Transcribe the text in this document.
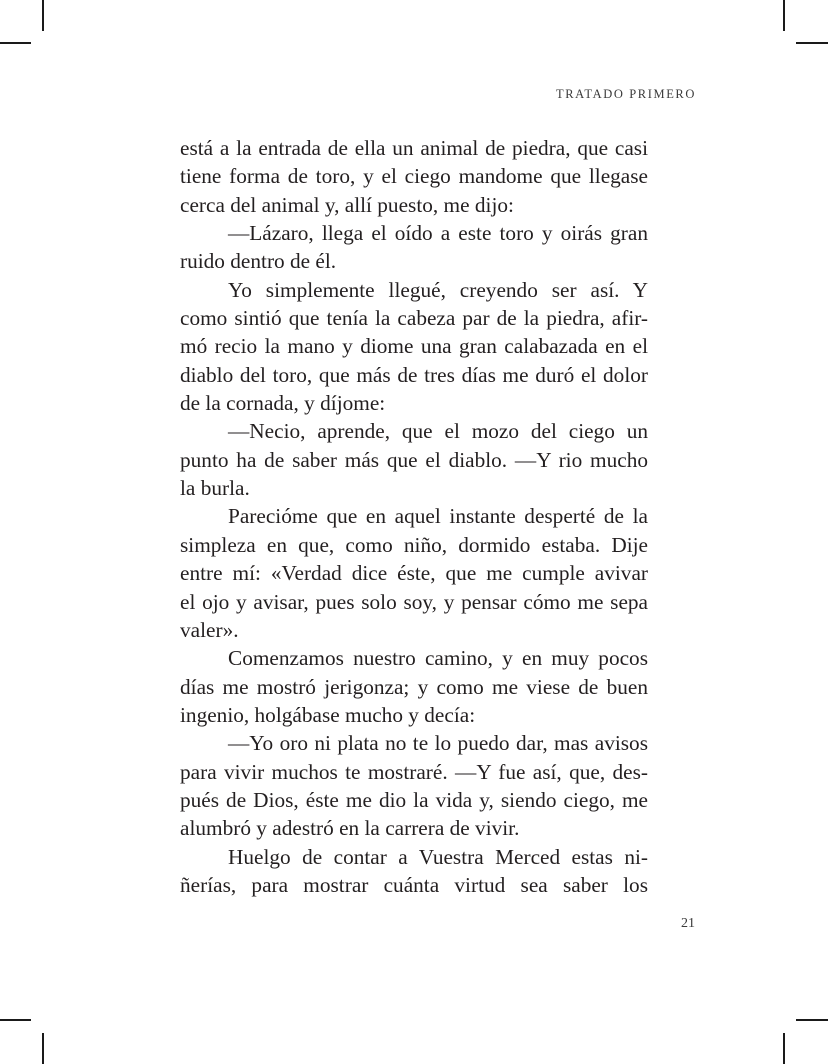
TRATADO PRIMERO
está a la entrada de ella un animal de piedra, que casi
tiene forma de toro, y el ciego mandome que llegase
cerca del animal y, allí puesto, me dijo:
—Lázaro, llega el oído a este toro y oirás gran
ruido dentro de él.
Yo simplemente llegué, creyendo ser así. Y
como sintió que tenía la cabeza par de la piedra, afir-
mó recio la mano y diome una gran calabazada en el
diablo del toro, que más de tres días me duró el dolor
de la cornada, y díjome:
—Necio, aprende, que el mozo del ciego un
punto ha de saber más que el diablo. —Y rio mucho
la burla.
Parecióme que en aquel instante desperté de la
simpleza en que, como niño, dormido estaba. Dije
entre mí: «Verdad dice éste, que me cumple avivar
el ojo y avisar, pues solo soy, y pensar cómo me sepa
valer».
Comenzamos nuestro camino, y en muy pocos
días me mostró jerigonza; y como me viese de buen
ingenio, holgábase mucho y decía:
—Yo oro ni plata no te lo puedo dar, mas avisos
para vivir muchos te mostraré. —Y fue así, que, des-
pués de Dios, éste me dio la vida y, siendo ciego, me
alumbró y adestró en la carrera de vivir.
Huelgo de contar a Vuestra Merced estas ni-
ñerías, para mostrar cuánta virtud sea saber los
21
